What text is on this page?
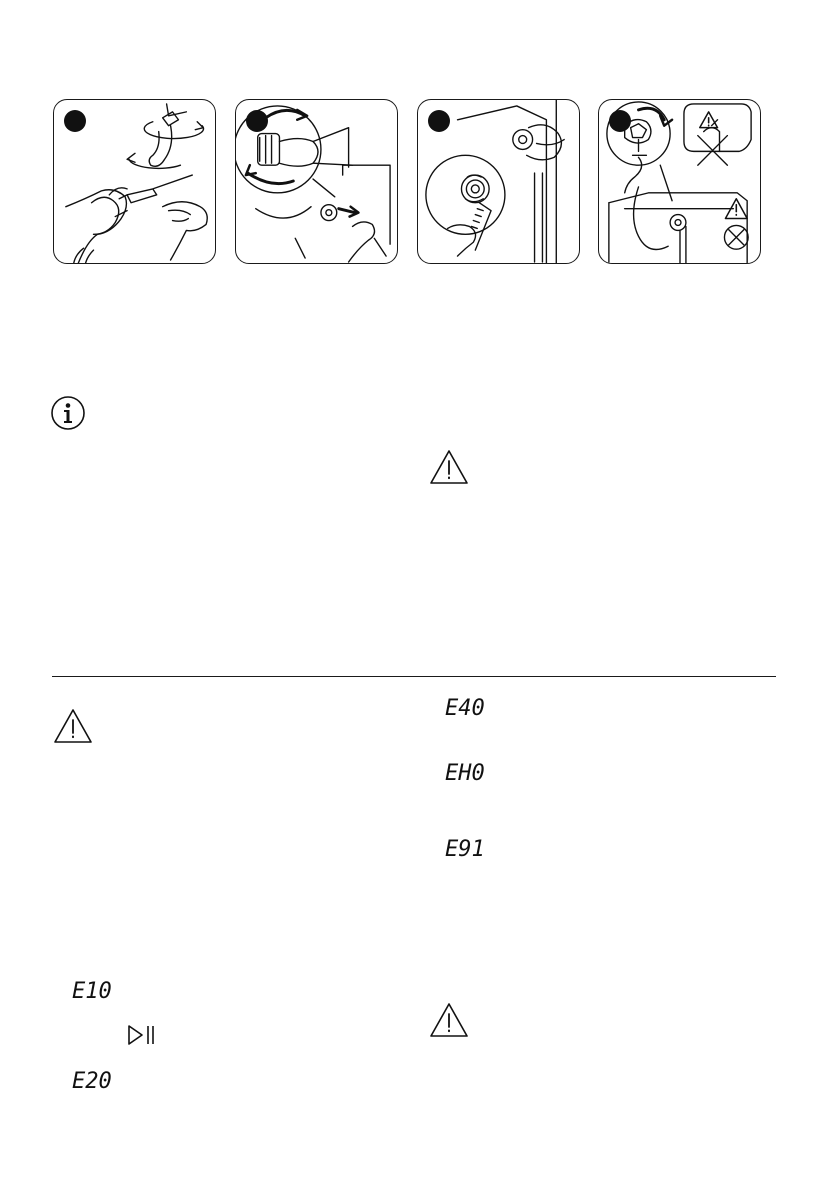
E10
E20
E40
EH0
E91
